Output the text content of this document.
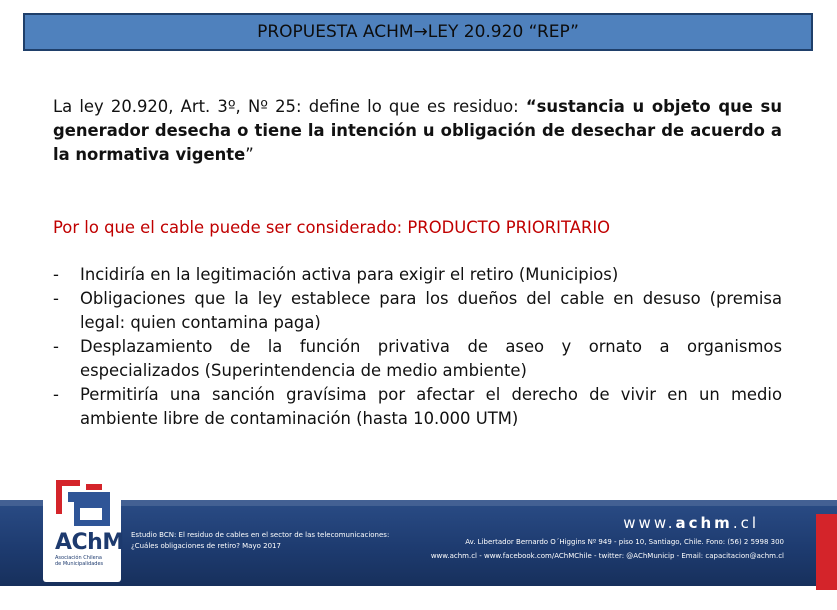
PROPUESTA ACHM→LEY 20.920 “REP”
La ley 20.920, Art. 3º, Nº 25: define lo que es residuo: “sustancia u objeto que su generador desecha o tiene la intención u obligación de desechar de acuerdo a la normativa vigente”
Por lo que el cable puede ser considerado: PRODUCTO PRIORITARIO
- Incidiría en la legitimación activa para exigir el retiro (Municipios)
- Obligaciones que la ley establece para los dueños del cable en desuso (premisa legal: quien contamina paga)
- Desplazamiento de la función privativa de aseo y ornato a organismos especializados (Superintendencia de medio ambiente)
- Permitiría una sanción gravísima por afectar el derecho de vivir en un medio ambiente libre de contaminación (hasta 10.000 UTM)
AChM
Asociación Chilena
de Municipalidades
Estudio BCN: El residuo de cables en el sector de las telecomunicaciones:
¿Cuáles obligaciones de retiro? Mayo 2017
www.achm.cl
Av. Libertador Bernardo O´Higgins Nº 949 - piso 10, Santiago, Chile. Fono: (56) 2 5998 300
www.achm.cl - www.facebook.com/AChMChile - twitter: @AChMunicip - Email: capacitacion@achm.cl
